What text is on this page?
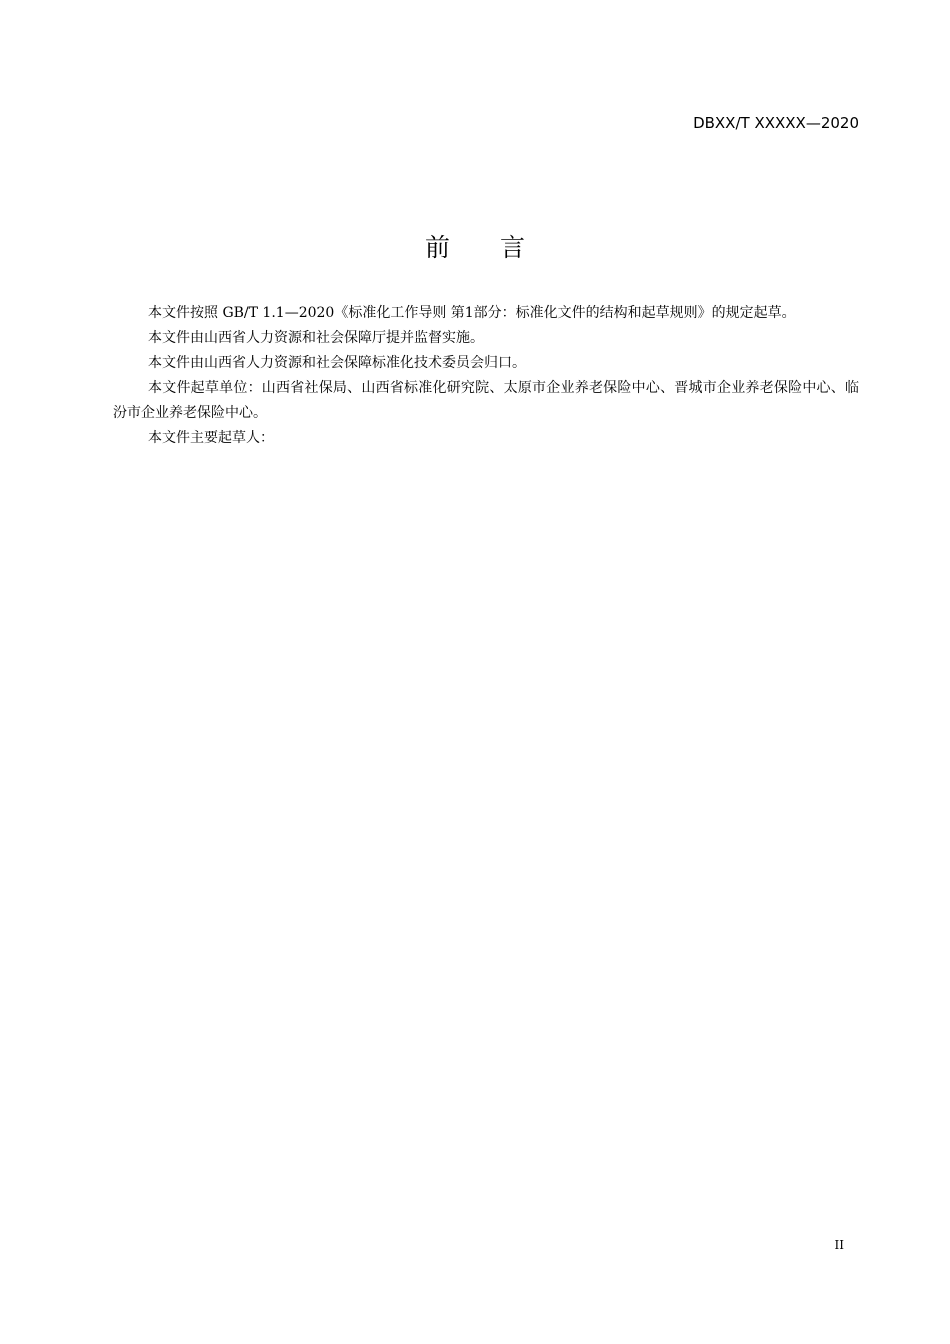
DBXX/T XXXXX—2020
前 言

本文件按照 GB/T 1.1—2020《标准化工作导则 第1部分：标准化文件的结构和起草规则》的规定起草。

本文件由山西省人力资源和社会保障厅提并监督实施。

本文件由山西省人力资源和社会保障标准化技术委员会归口。

本文件起草单位：山西省社保局、山西省标准化研究院、太原市企业养老保险中心、晋城市企业养老保险中心、临汾市企业养老保险中心。

本文件主要起草人：

II
